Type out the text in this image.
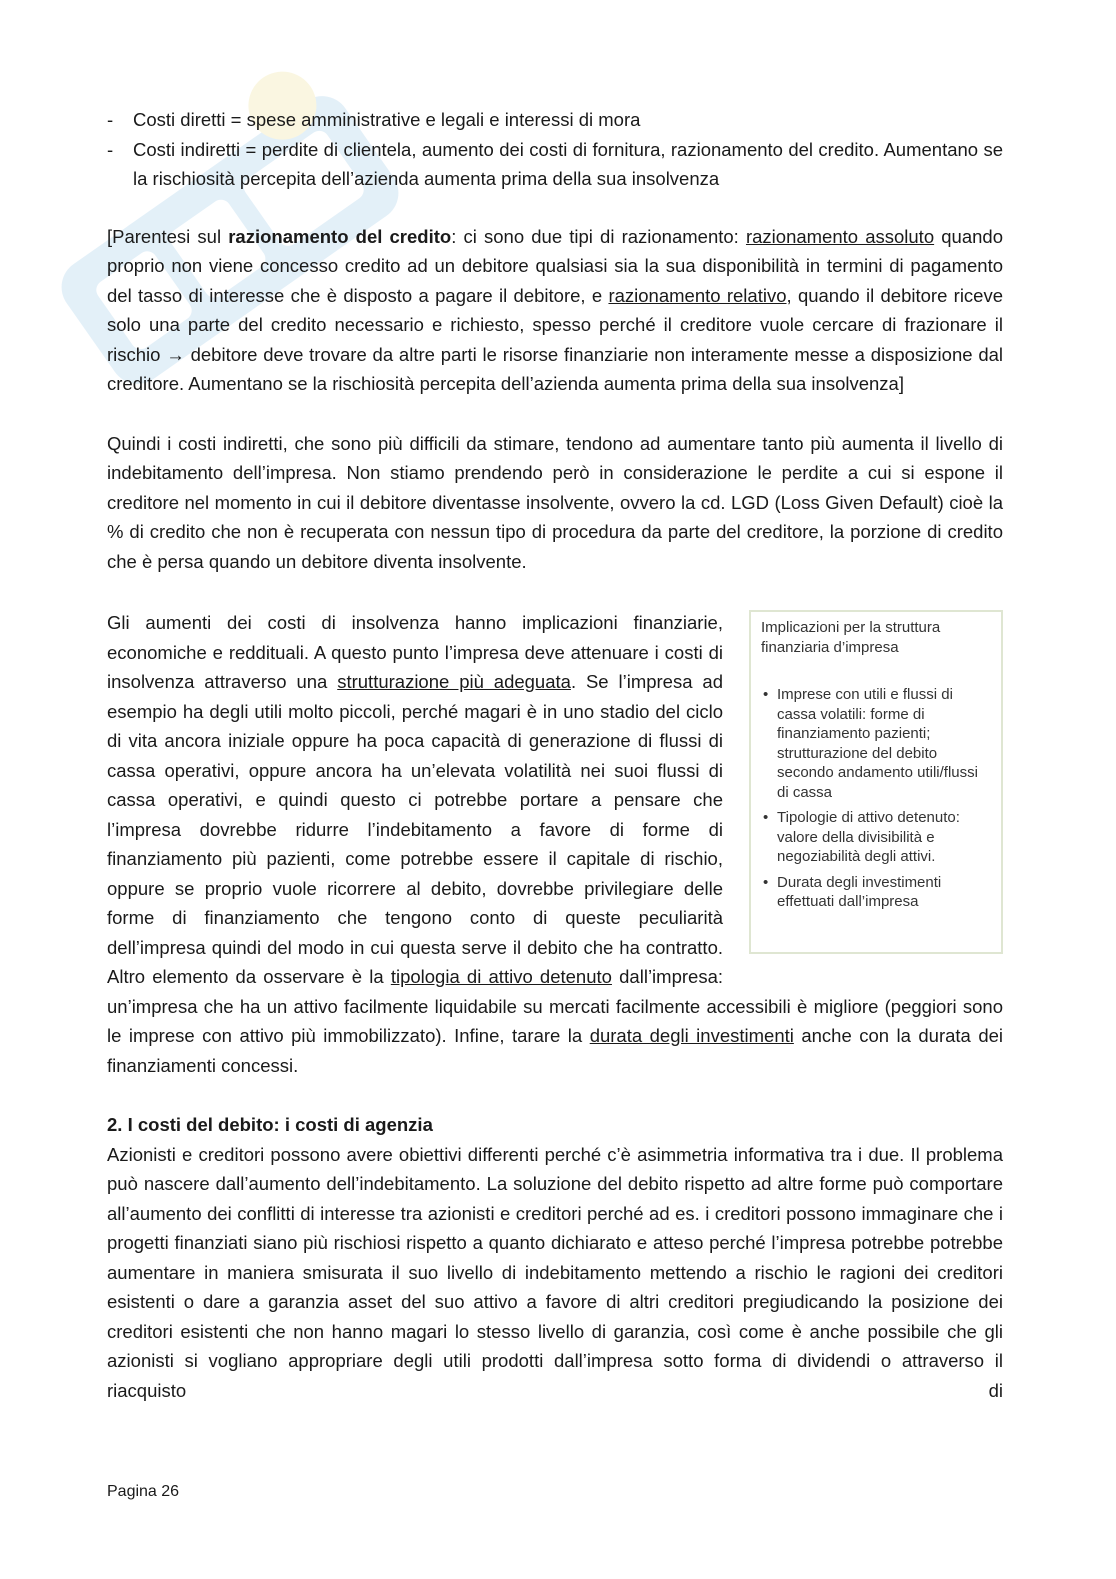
- Costi diretti = spese amministrative e legali e interessi di mora
- Costi indiretti = perdite di clientela, aumento dei costi di fornitura, razionamento del credito. Aumentano se la rischiosità percepita dell’azienda aumenta prima della sua insolvenza

[Parentesi sul razionamento del credito: ci sono due tipi di razionamento: razionamento assoluto quando proprio non viene concesso credito ad un debitore qualsiasi sia la sua disponibilità in termini di pagamento del tasso di interesse che è disposto a pagare il debitore, e razionamento relativo, quando il debitore riceve solo una parte del credito necessario e richiesto, spesso perché il creditore vuole cercare di frazionare il rischio → debitore deve trovare da altre parti le risorse finanziarie non interamente messe a disposizione dal creditore. Aumentano se la rischiosità percepita dell’azienda aumenta prima della sua insolvenza]

Quindi i costi indiretti, che sono più difficili da stimare, tendono ad aumentare tanto più aumenta il livello di indebitamento dell’impresa. Non stiamo prendendo però in considerazione le perdite a cui si espone il creditore nel momento in cui il debitore diventasse insolvente, ovvero la cd. LGD (Loss Given Default) cioè la % di credito che non è recuperata con nessun tipo di procedura da parte del creditore, la porzione di credito che è persa quando un debitore diventa insolvente.

Implicazioni per la struttura finanziaria d’impresa
• Imprese con utili e flussi di cassa volatili: forme di finanziamento pazienti; strutturazione del debito secondo andamento utili/flussi di cassa
• Tipologie di attivo detenuto: valore della divisibilità e negoziabilità degli attivi.
• Durata degli investimenti effettuati dall’impresa

Gli aumenti dei costi di insolvenza hanno implicazioni finanziarie, economiche e reddituali. A questo punto l’impresa deve attenuare i costi di insolvenza attraverso una strutturazione più adeguata. Se l’impresa ad esempio ha degli utili molto piccoli, perché magari è in uno stadio del ciclo di vita ancora iniziale oppure ha poca capacità di generazione di flussi di cassa operativi, oppure ancora ha un’elevata volatilità nei suoi flussi di cassa operativi, e quindi questo ci potrebbe portare a pensare che l’impresa dovrebbe ridurre l’indebitamento a favore di forme di finanziamento più pazienti, come potrebbe essere il capitale di rischio, oppure se proprio vuole ricorrere al debito, dovrebbe privilegiare delle forme di finanziamento che tengono conto di queste peculiarità dell’impresa quindi del modo in cui questa serve il debito che ha contratto. Altro elemento da osservare è la tipologia di attivo detenuto dall’impresa: un’impresa che ha un attivo facilmente liquidabile su mercati facilmente accessibili è migliore (peggiori sono le imprese con attivo più immobilizzato). Infine, tarare la durata degli investimenti anche con la durata dei finanziamenti concessi.

2. I costi del debito: i costi di agenzia

Azionisti e creditori possono avere obiettivi differenti perché c’è asimmetria informativa tra i due. Il problema può nascere dall’aumento dell’indebitamento. La soluzione del debito rispetto ad altre forme può comportare all’aumento dei conflitti di interesse tra azionisti e creditori perché ad es. i creditori possono immaginare che i progetti finanziati siano più rischiosi rispetto a quanto dichiarato e atteso perché l’impresa potrebbe potrebbe aumentare in maniera smisurata il suo livello di indebitamento mettendo a rischio le ragioni dei creditori esistenti o dare a garanzia asset del suo attivo a favore di altri creditori pregiudicando la posizione dei creditori esistenti che non hanno magari lo stesso livello di garanzia, così come è anche possibile che gli azionisti si vogliano appropriare degli utili prodotti dall’impresa sotto forma di dividendi o attraverso il riacquisto di

Pagina 26
